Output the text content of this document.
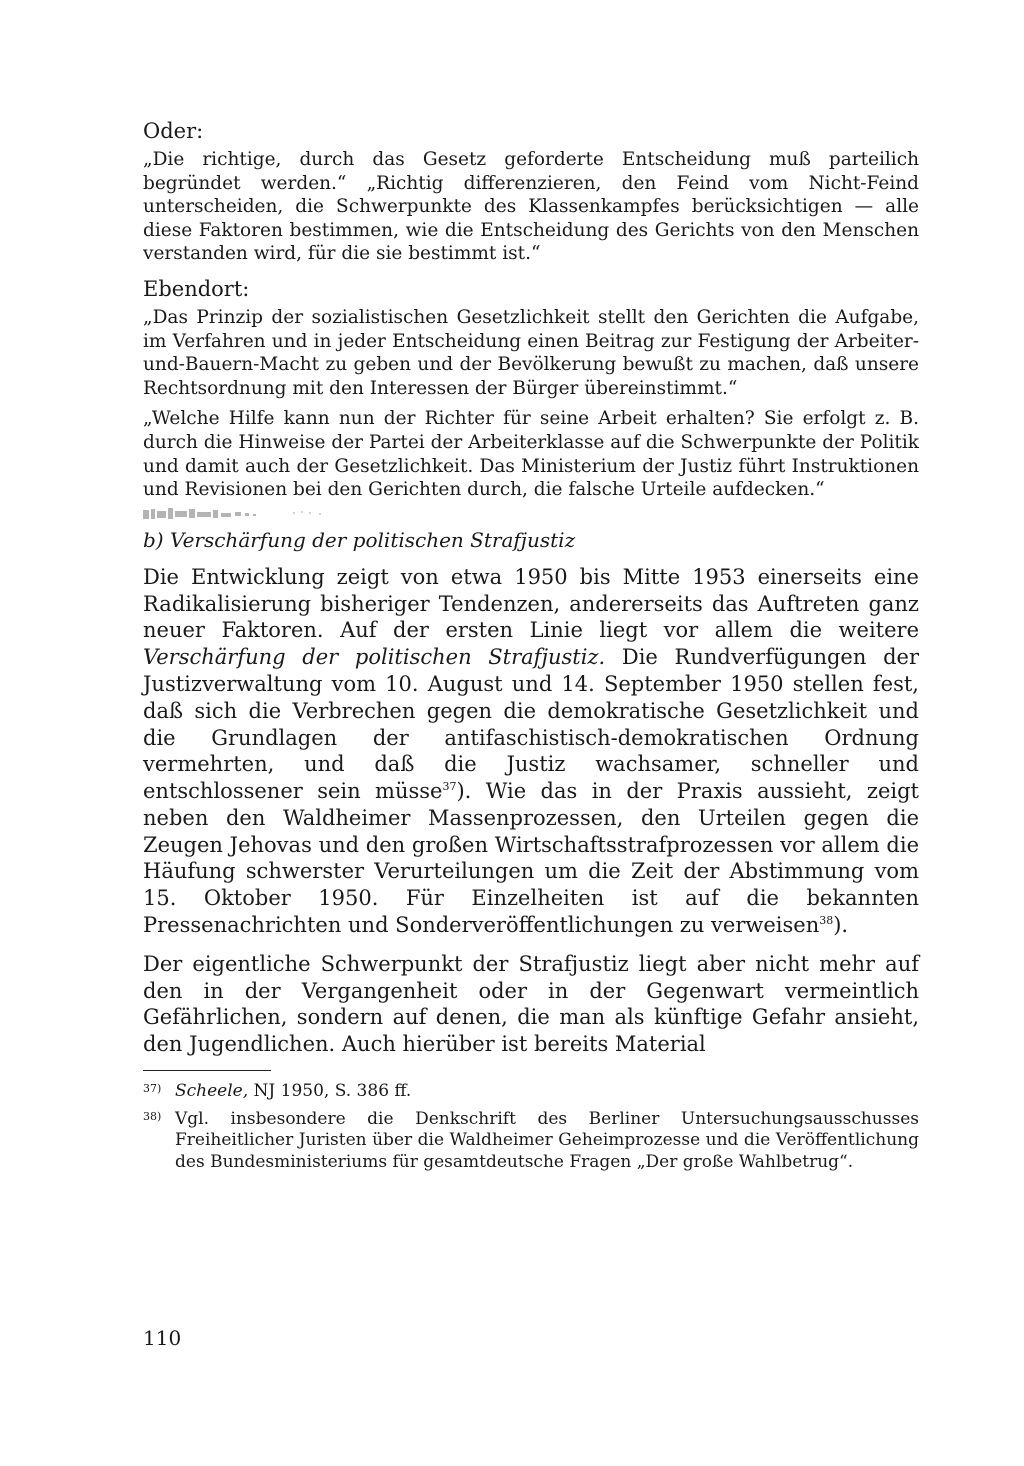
Oder:

„Die richtige, durch das Gesetz geforderte Entscheidung muß parteilich begründet werden.“ „Richtig differenzieren, den Feind vom Nicht-Feind unterscheiden, die Schwerpunkte des Klassenkampfes berücksichtigen — alle diese Faktoren bestimmen, wie die Entscheidung des Gerichts von den Menschen verstanden wird, für die sie bestimmt ist.“

Ebendort:

„Das Prinzip der sozialistischen Gesetzlichkeit stellt den Gerichten die Aufgabe, im Verfahren und in jeder Entscheidung einen Beitrag zur Festigung der Arbeiter-und-Bauern-Macht zu geben und der Bevölkerung bewußt zu machen, daß unsere Rechtsordnung mit den Interessen der Bürger übereinstimmt.“

„Welche Hilfe kann nun der Richter für seine Arbeit erhalten? Sie erfolgt z. B. durch die Hinweise der Partei der Arbeiterklasse auf die Schwerpunkte der Politik und damit auch der Gesetzlichkeit. Das Ministerium der Justiz führt Instruktionen und Revisionen bei den Gerichten durch, die falsche Urteile aufdecken.“

b) Verschärfung der politischen Strafjustiz

Die Entwicklung zeigt von etwa 1950 bis Mitte 1953 einerseits eine Radikalisierung bisheriger Tendenzen, andererseits das Auftreten ganz neuer Faktoren. Auf der ersten Linie liegt vor allem die weitere Verschärfung der politischen Strafjustiz. Die Rundverfügungen der Justizverwaltung vom 10. August und 14. September 1950 stellen fest, daß sich die Verbrechen gegen die demokratische Gesetzlichkeit und die Grundlagen der antifaschistisch-demokratischen Ordnung vermehrten, und daß die Justiz wachsamer, schneller und entschlossener sein müsse$^{37}$). Wie das in der Praxis aussieht, zeigt neben den Waldheimer Massenprozessen, den Urteilen gegen die Zeugen Jehovas und den großen Wirtschaftsstrafprozessen vor allem die Häufung schwerster Verurteilungen um die Zeit der Abstimmung vom 15. Oktober 1950. Für Einzelheiten ist auf die bekannten Pressenachrichten und Sonderveröffentlichungen zu verweisen$^{38}$).

Der eigentliche Schwerpunkt der Strafjustiz liegt aber nicht mehr auf den in der Vergangenheit oder in der Gegenwart vermeintlich Gefährlichen, sondern auf denen, die man als künftige Gefahr ansieht, den Jugendlichen. Auch hierüber ist bereits Material

37) Scheele, NJ 1950, S. 386 ff.
38) Vgl. insbesondere die Denkschrift des Berliner Untersuchungsausschusses Freiheitlicher Juristen über die Waldheimer Geheimprozesse und die Veröffentlichung des Bundesministeriums für gesamtdeutsche Fragen „Der große Wahlbetrug“.
110
